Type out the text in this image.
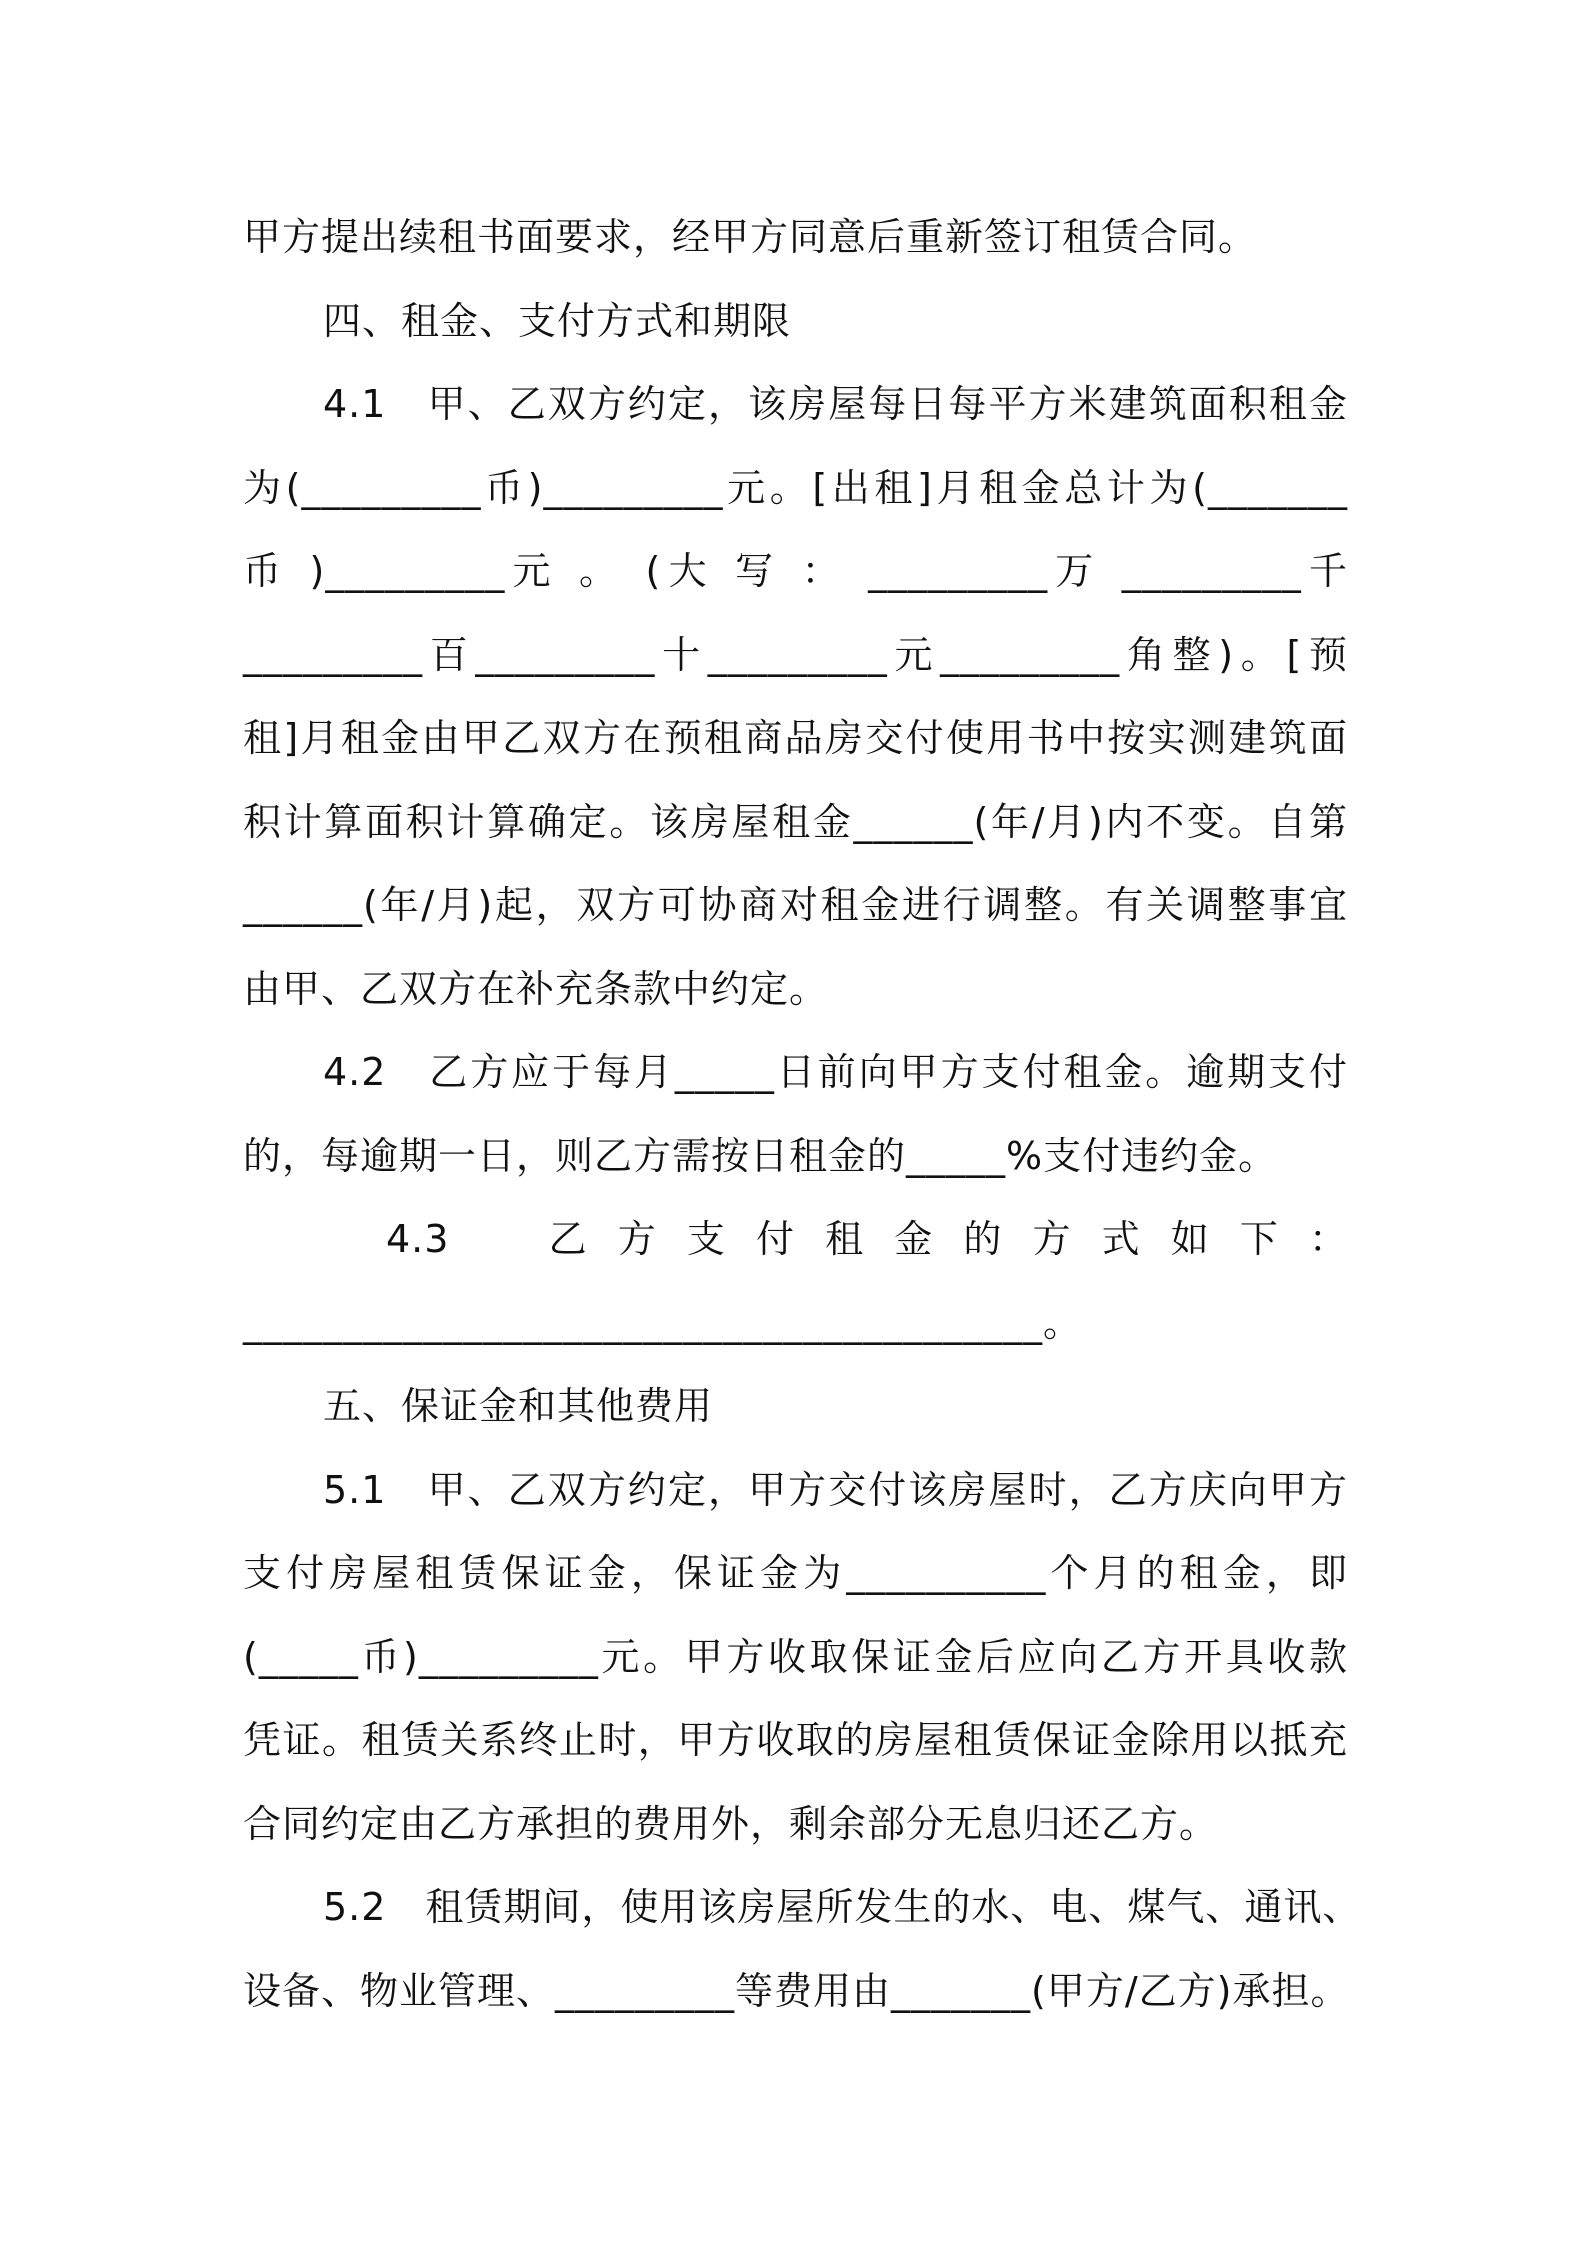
甲方提出续租书面要求，经甲方同意后重新签订租赁合同。
四、租金、支付方式和期限
4.1　甲、乙双方约定，该房屋每日每平方米建筑面积租金
为(_________币)_________元。[出租]月租金总计为(_______
币 )_________元 。 (大 写 ： _________万 _________千
_________百_________十_________元_________角整)。[预
租]月租金由甲乙双方在预租商品房交付使用书中按实测建筑面
积计算面积计算确定。该房屋租金______(年/月)内不变。自第
______(年/月)起，双方可协商对租金进行调整。有关调整事宜
由甲、乙双方在补充条款中约定。
4.2　乙方应于每月_____日前向甲方支付租金。逾期支付
的，每逾期一日，则乙方需按日租金的_____%支付违约金。
4.3　乙方支付租金的方式如下：
________________________________________。
五、保证金和其他费用
5.1　甲、乙双方约定，甲方交付该房屋时，乙方庆向甲方
支付房屋租赁保证金，保证金为__________个月的租金，即
(_____币)_________元。甲方收取保证金后应向乙方开具收款
凭证。租赁关系终止时，甲方收取的房屋租赁保证金除用以抵充
合同约定由乙方承担的费用外，剩余部分无息归还乙方。
5.2　租赁期间，使用该房屋所发生的水、电、煤气、通讯、
设备、物业管理、_________等费用由_______(甲方/乙方)承担。
